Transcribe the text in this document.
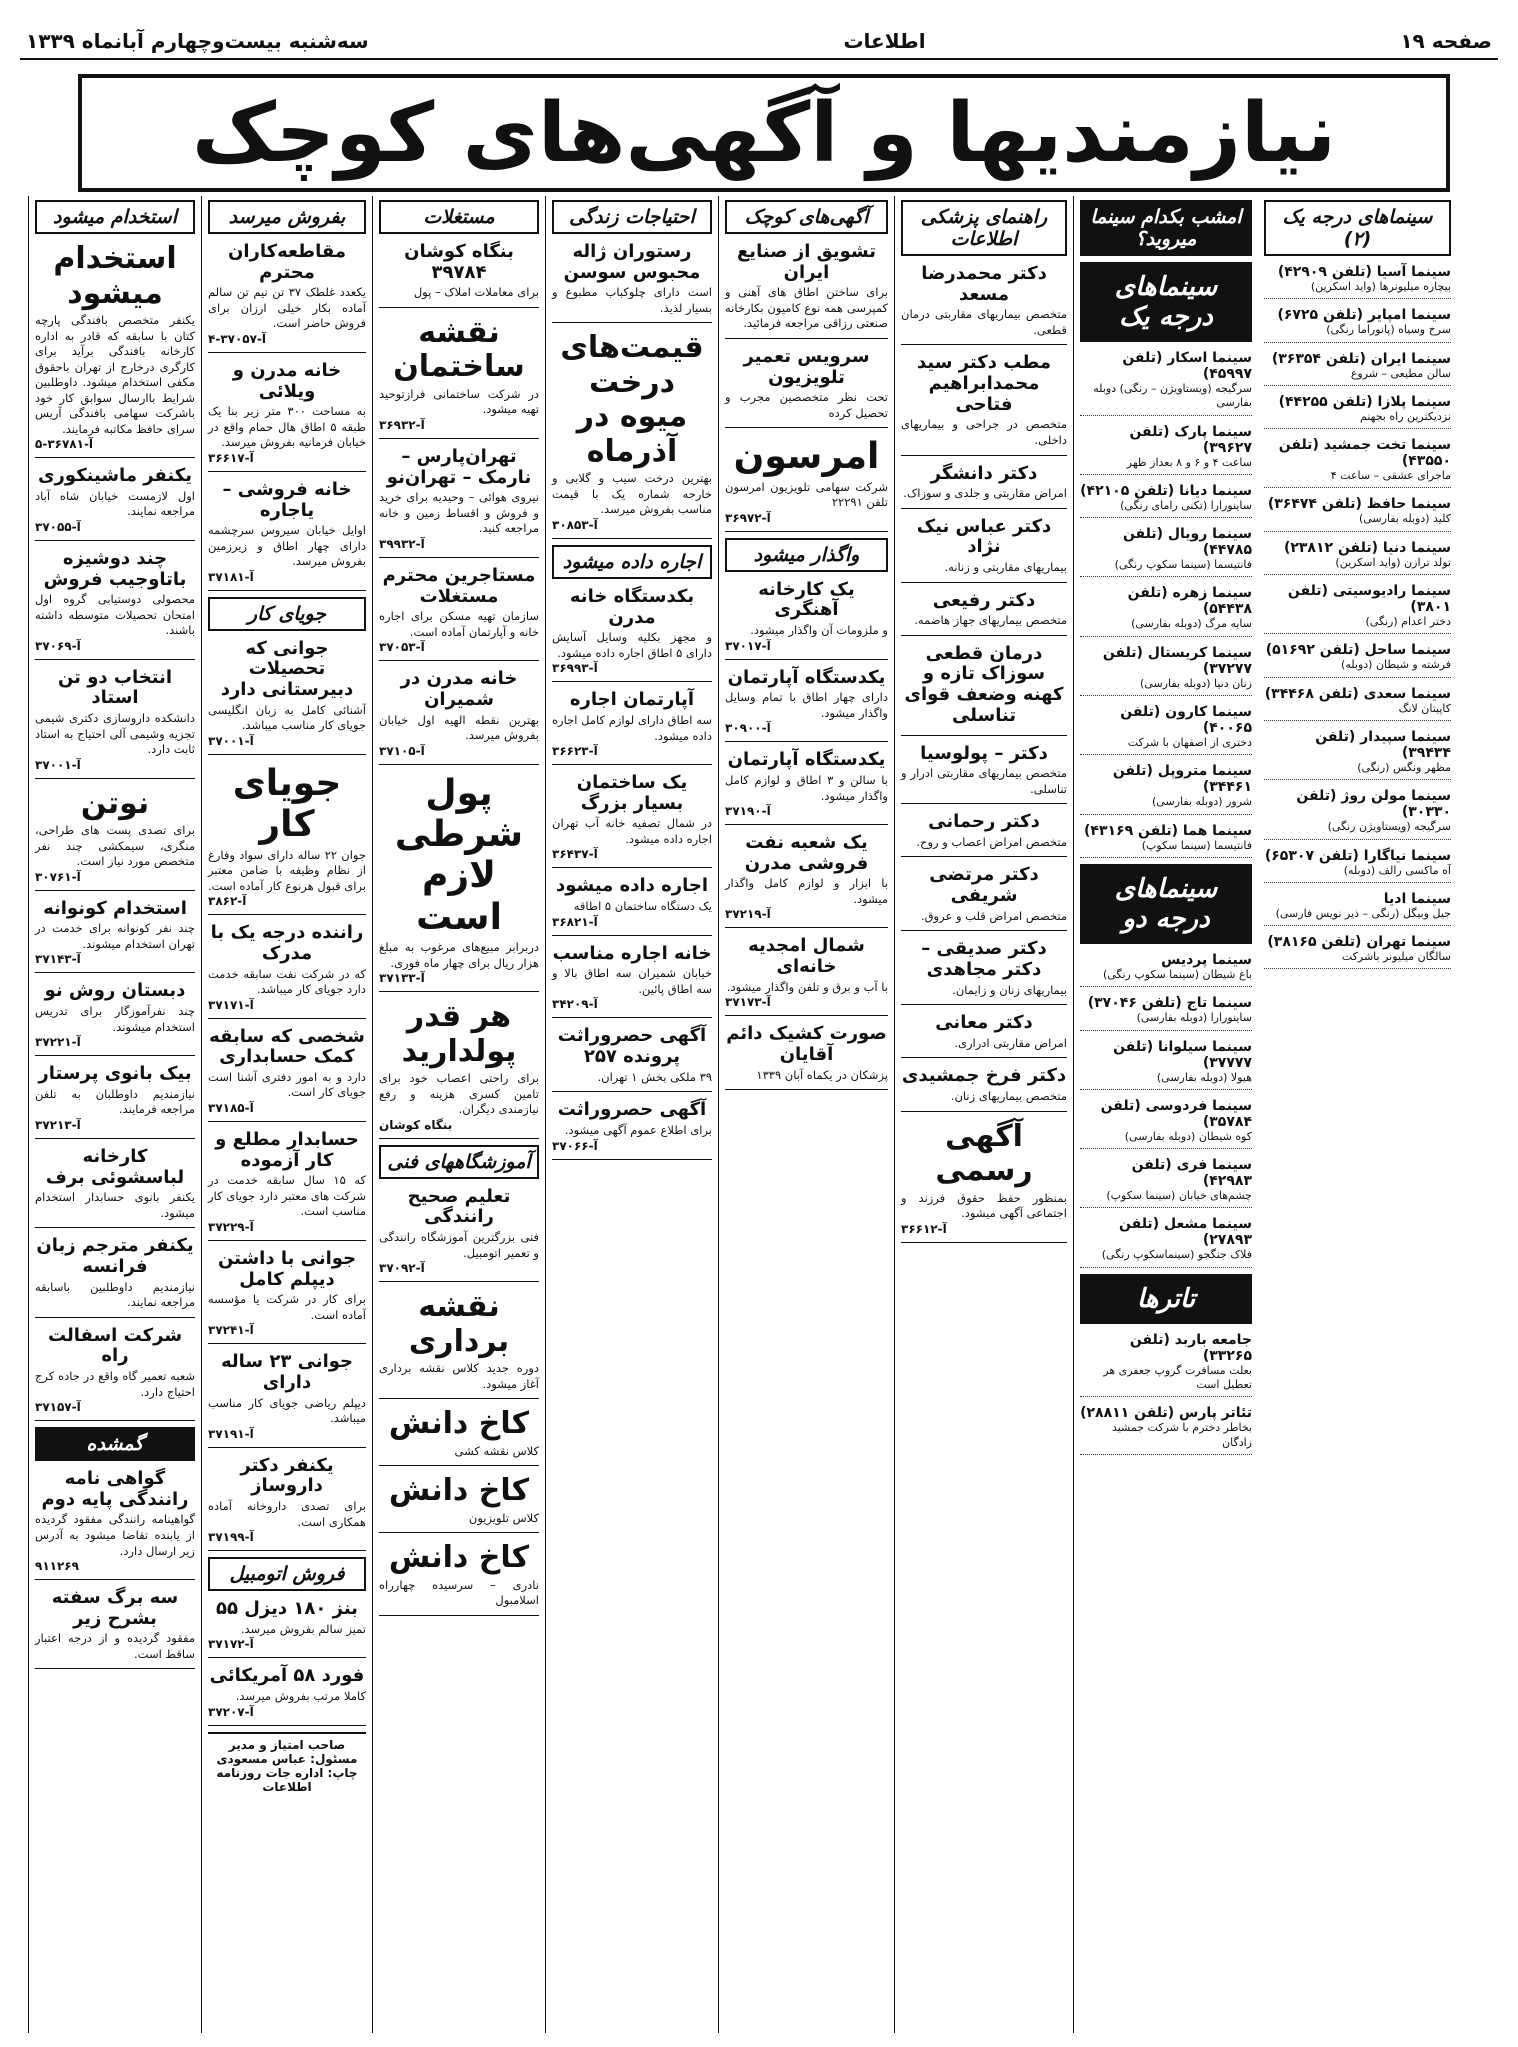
صفحه ۱۹
اطلاعات
سه‌شنبه بیست‌وچهارم آبانماه ۱۳۳۹
نیازمندیها و آگهی‌های کوچک
استخدام میشود
استخدام میشود

یکنفر متخصص بافندگی پارچه کتان با سابقه که قادر به اداره کارخانه بافندگی برآید برای کارگری درخارج از تهران باحقوق مکفی استخدام میشود. داوطلبین شرایط باارسال سوابق کار خود باشرکت سهامی بافندگی آریس سرای حافظ مکاتبه فرمایند.

آ-۳۶۷۸۱-۵
یکنفر ماشینکوری

اول لازمست خیابان شاه آباد مراجعه نمایند.

آ-۳۷۰۵۵
چند دوشیزه باتاوجیب فروش

محصولی دوستیابی گروه اول امتحان تحصیلات متوسطه داشته باشند.

آ-۳۷۰۶۹
انتخاب دو تن استاد

دانشکده داروسازی دکتری شیمی تجزیه وشیمی آلی احتیاج به استاد ثابت دارد.

آ-۳۷۰۰۱
نوتن

برای تصدی پست های طراحی، منگری، سیمکشی چند نفر متخصص مورد نیاز است.

آ-۳۰۷۶۱
استخدام کونوانه

چند نفر کونوانه برای خدمت در تهران استخدام میشوند.

آ-۳۷۱۴۳
دبستان روش نو

چند نفرآموزگار برای تدریس استخدام میشوند.

آ-۳۷۲۲۱
بیک بانوی پرستار

نیازمندیم داوطلبان به تلفن مراجعه فرمایند.

آ-۳۷۲۱۳
کارخانه لباسشوئی برف

یکنفر بانوی حسابدار استخدام میشود.

یکنفر مترجم زبان فرانسه

نیازمندیم داوطلبین باسابقه مراجعه نمایند.

شرکت اسفالت راه

شعبه تعمیر گاه واقع در جاده کرج احتیاج دارد.

آ-۳۷۱۵۷
گمشده
گواهی نامه رانندگی پایه دوم

گواهینامه رانندگی مفقود گردیده از یابنده تقاضا میشود به آدرس زیر ارسال دارد.

۹۱۱۲۶۹
سه برگ سفته بشرح زیر

مفقود گردیده و از درجه اعتبار ساقط است.

بفروش میرسد
مقاطعه‌کاران محترم

یکعدد غلطک ۳۷ تن نیم تن سالم آماده بکار خیلی ارزان برای فروش حاضر است.

آ-۳۷۰۵۷-۴
خانه مدرن و ویلائی

به مساحت ۳۰۰ متر زیر بنا یک طبقه ۵ اطاق هال حمام واقع در خیابان فرمانیه بفروش میرسد.

آ-۳۶۶۱۷
خانه فروشی – یاجاره

اوایل خیابان سیروس سرچشمه دارای چهار اطاق و زیرزمین بفروش میرسد.

آ-۳۷۱۸۱
جویای کار
جوانی که تحصیلات دبیرستانی دارد

آشنائی کامل به زبان انگلیسی جویای کار مناسب میباشد.

آ-۳۷۰۰۱
جویای کار

جوان ۲۲ ساله دارای سواد وفارغ از نظام وظیفه با ضامن معتبر برای قبول هرنوع کار آماده است.

آ-۳۸۶۲
راننده درجه یک با مدرک

که در شرکت نفت سابقه خدمت دارد جویای کار میباشد.

آ-۳۷۱۷۱
شخصی که سابقه کمک حسابداری

دارد و به امور دفتری آشنا است جویای کار است.

آ-۳۷۱۸۵
حسابدار مطلع و کار آزموده

که ۱۵ سال سابقه خدمت در شرکت های معتبر دارد جویای کار مناسب است.

آ-۳۷۲۲۹
جوانی با داشتن دیپلم کامل

برای کار در شرکت یا مؤسسه آماده است.

آ-۳۷۲۴۱
جوانی ۲۳ ساله دارای

دیپلم ریاضی جویای کار مناسب میباشد.

آ-۳۷۱۹۱
یکنفر دکتر داروساز

برای تصدی داروخانه آماده همکاری است.

آ-۳۷۱۹۹
فروش اتومبیل
بنز ۱۸۰ دیزل ۵۵

تمیز سالم بفروش میرسد.

آ-۳۷۱۷۲
فورد ۵۸ آمریکائی

کاملا مرتب بفروش میرسد.

آ-۳۷۲۰۷
صاحب امتیاز و مدیر مسئول: عباس مسعودی
چاپ: اداره جات روزنامه اطلاعات
مستغلات
بنگاه کوشان ۳۹۷۸۴

برای معاملات املاک – پول

نقشه ساختمان

در شرکت ساختمانی فرازتوحید تهیه میشود.

آ-۳۶۹۳۲
تهران‌پارس – نارمک – تهران‌نو

نیروی هوائی – وحیدیه برای خرید و فروش و اقساط زمین و خانه مراجعه کنید.

آ-۳۹۹۳۲
مستاجرین محترم مستغلات

سازمان تهیه مسکن برای اجاره خانه و آپارتمان آماده است.

آ-۳۷۰۵۳
خانه مدرن در شمیران

بهترین نقطه الهیه اول خیابان بفروش میرسد.

آ-۳۷۱۰۵
پول شرطی لازم است

دربرابر مبیع‌های مرغوب به مبلغ هزار ریال برای چهار ماه فوری.

آ-۳۷۱۳۳
هر قدر پولدارید

برای راحتی اعصاب خود برای تامین کسری هزینه و رفع نیازمندی دیگران.

بنگاه کوشان
آموزشگاههای فنی
تعلیم صحیح رانندگی

فنی بزرگترین آموزشگاه رانندگی و تعمیر اتومبیل.

آ-۳۷۰۹۲
نقشه برداری

دوره جدید کلاس نقشه برداری آغاز میشود.

کاخ دانش

کلاس نقشه کشی

کاخ دانش

کلاس تلویزیون

کاخ دانش

نادری – سرسیده چهارراه اسلامبول

احتیاجات زندگی
رستوران ژاله محبوس سوسن

است دارای چلوکباب مطبوع و بسیار لذیذ.

قیمت‌های درخت میوه در آذرماه

بهترین درخت سیب و گلابی و خارجه شماره یک با قیمت مناسب بفروش میرسد.

آ-۳۰۸۵۳
اجاره داده میشود
بکدستگاه خانه مدرن

و مجهز بکلیه وسایل آسایش دارای ۵ اطاق اجاره داده میشود.

آ-۳۶۹۹۳
آپارتمان اجاره

سه اطاق دارای لوازم کامل اجاره داده میشود.

آ-۳۶۶۲۳
یک ساختمان بسیار بزرگ

در شمال تصفیه خانه آب تهران اجاره داده میشود.

آ-۳۶۴۳۷
اجاره داده میشود

یک دستگاه ساختمان ۵ اطاقه

آ-۳۶۸۲۱
خانه اجاره مناسب

خیابان شمیران سه اطاق بالا و سه اطاق پائین.

آ-۳۴۲۰۹
آگهی حصروراثت پرونده ۲۵۷

۳۹ ملکی بخش ۱ تهران.

آگهی حصروراثت

برای اطلاع عموم آگهی میشود.

آ-۳۷۰۶۶
آگهی‌های کوچک
تشویق از صنایع ایران

برای ساختن اطاق های آهنی و کمپرسی همه نوع کامیون بکارخانه صنعتی رزاقی مراجعه فرمائید.

سرویس تعمیر تلویزیون

تحت نظر متخصصین مجرب و تحصیل کرده

امرسون

شرکت سهامی تلویزیون امرسون تلفن ۲۲۲۹۱

آ-۳۶۹۷۲
واگذار میشود
یک کارخانه آهنگری

و ملزومات آن واگذار میشود.

آ-۳۷۰۱۷
یکدستگاه آپارتمان

دارای چهار اطاق با تمام وسایل واگذار میشود.

آ-۳۰۹۰۰
یکدستگاه آپارتمان

با سالن و ۳ اطاق و لوازم کامل واگذار میشود.

آ-۳۷۱۹۰
یک شعبه نفت فروشی مدرن

با ابزار و لوازم کامل واگذار میشود.

آ-۳۷۲۱۹
شمال امجدیه خانه‌ای

با آب و برق و تلفن واگذار میشود.

آ-۳۷۱۷۳
صورت کشیک دائم آقایان

پزشکان در یکماه آبان ۱۳۳۹

راهنمای پزشکی اطلاعات
دکتر محمدرضا مسعد

متخصص بیماریهای مقاربتی درمان قطعی.

مطب دکتر سید محمدابراهیم فتاحی

متخصص در جراحی و بیماریهای داخلی.

دکتر دانشگر

امراض مقاربتی و جلدی و سوزاک.

دکتر عباس نیک نژاد

بیماریهای مقاربتی و زنانه.

دکتر رفیعی

متخصص بیماریهای جهاز هاضمه.

درمان قطعی سوزاک تازه و کهنه وضعف قوای تناسلی
دکتر – پولوسیا

متخصص بیماریهای مقاربتی ادرار و تناسلی.

دکتر رحمانی

متخصص امراض اعصاب و روح.

دکتر مرتضی شریفی

متخصص امراض قلب و عروق.

دکتر صدیقی – دکتر مجاهدی

بیماریهای زنان و زایمان.

دکتر معانی

امراض مقاربتی ادراری.

دکتر فرخ جمشیدی

متخصص بیماریهای زنان.

آگهی رسمی

بمنظور حفظ حقوق فرزند و اجتماعی آگهی میشود.

آ-۳۶۶۱۲
امشب بکدام سینما میروید؟
سینماهای درجه یک
سینما اسکار (تلفن ۴۵۹۹۷)

سرگیجه (ویستاویژن – رنگی) دوبله بفارسی

سینما پارک (تلفن ۳۹۶۲۷)

ساعت ۴ و ۶ و ۸ بعداز ظهر

سینما دیانا (تلفن ۴۲۱۰۵)

ساینورارا (تکنی رامای رنگی)

سینما رویال (تلفن ۴۴۷۸۵)

فانتیسما (سینما سکوپ رنگی)

سینما زهره (تلفن ۵۴۴۳۸)

سایه مرگ (دوبله بفارسی)

سینما کریستال (تلفن ۳۷۲۷۷)

زنان دنیا (دوبله بفارسی)

سینما کارون (تلفن ۴۰۰۶۵)

دختری از اصفهان با شرکت

سینما متروپل (تلفن ۳۴۴۶۱)

شرور (دوبله بفارسی)

سینما هما (تلفن ۴۳۱۶۹)

فانتیسما (سینما سکوپ)

سینماهای درجه دو
سینما پردیس

باغ شیطان (سینما سکوپ رنگی)

سینما تاج (تلفن ۳۷۰۴۶)

ساینورارا (دوبله بفارسی)

سینما سیلوانا (تلفن ۳۷۷۷۷)

هیولا (دوبله بفارسی)

سینما فردوسی (تلفن ۳۵۷۸۴)

کوه شیطان (دوبله بفارسی)

سینما فری (تلفن ۴۲۹۸۳)

چشم‌های خیابان (سینما سکوپ)

سینما مشعل (تلفن ۲۷۸۹۳)

فلاک جنگجو (سینماسکوپ رنگی)

تاترها
جامعه باربد (تلفن ۳۳۲۶۵)

بعلت مسافرت گروپ جعفری هر تعطیل است

تئاتر پارس (تلفن ۲۸۸۱۱)

بخاطر دخترم با شرکت جمشید زادگان

سینماهای درجه یک (۲)
سینما آسیا (تلفن ۴۲۹۰۹)

بیچاره میلیونرها (واید اسکرین)

سینما امپایر (تلفن ۶۷۲۵)

سرخ وسیاه (پانوراما رنگی)

سینما ایران (تلفن ۳۶۳۵۴)

سالن مطیعی – شروع

سینما پلازا (تلفن ۴۴۲۵۵)

نزدیکترین راه بجهنم

سینما تخت جمشید (تلفن ۴۳۵۵۰)

ماجرای عشقی – ساعت ۴

سینما حافظ (تلفن ۳۶۴۷۴)

کلید (دوبله بفارسی)

سینما دنیا (تلفن ۲۳۸۱۲)

تولد ترازن (واید اسکرین)

سینما رادیوسیتی (تلفن ۳۸۰۱)

دختر اعدام (رنگی)

سینما ساحل (تلفن ۵۱۶۹۲)

فرشته و شیطان (دوبله)

سینما سعدی (تلفن ۳۴۴۶۸)

کاپیتان لانگ

سینما سپیدار (تلفن ۳۹۴۳۴)

مظهر ونگس (رنگی)

سینما مولن روژ (تلفن ۳۰۳۳۰)

سرگیجه (ویستاویژن رنگی)

سینما نیاگارا (تلفن ۶۵۳۰۷)

آه ماکسی رالف (دوبله)

سینما ادیا

جیل وبیگل (رنگی – ذیر نویس فارسی)

سینما تهران (تلفن ۳۸۱۶۵)

سالگان میلیونر باشرکت
